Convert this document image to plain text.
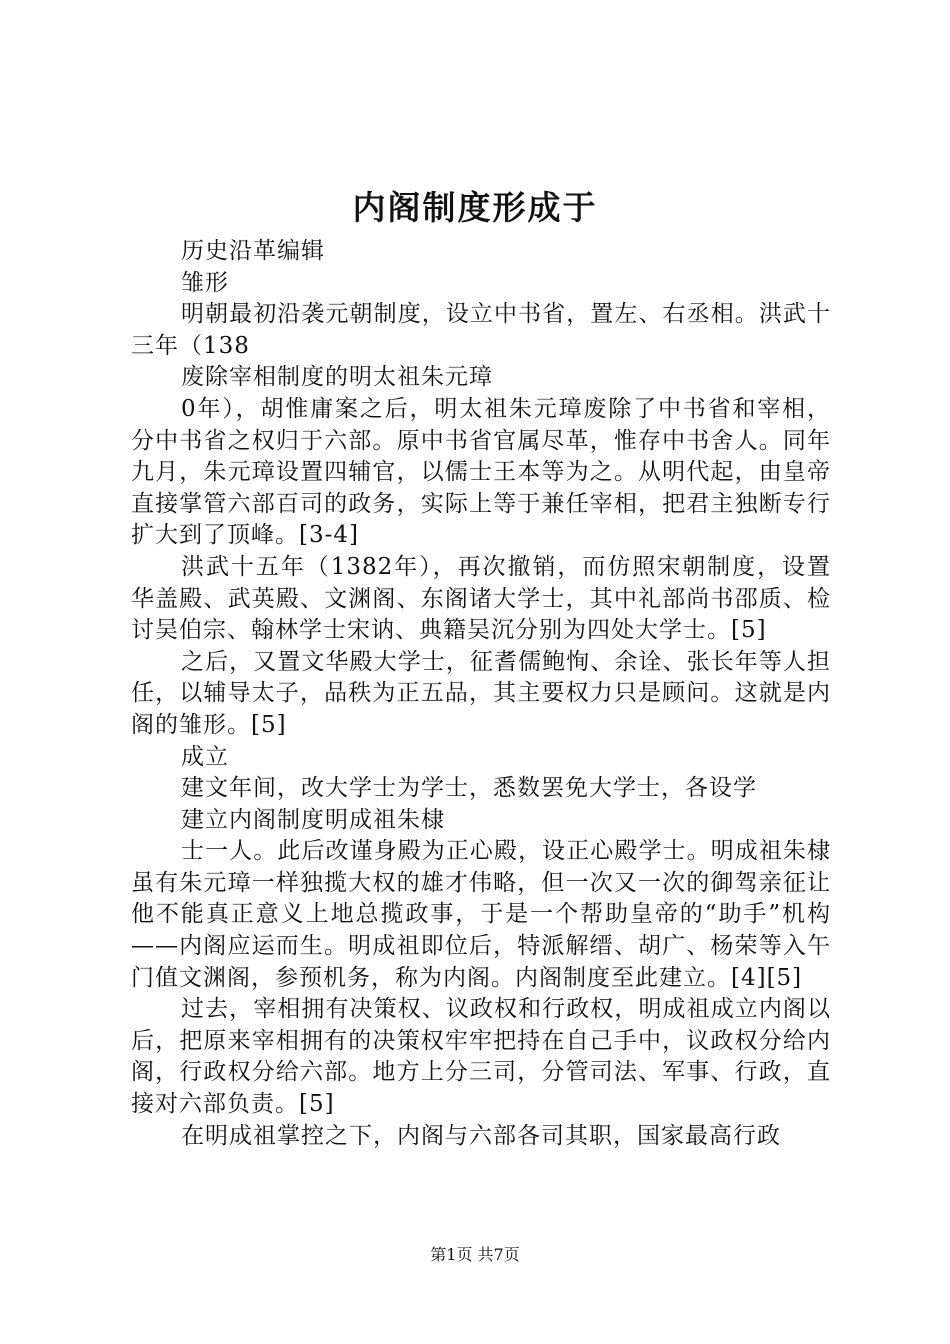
内阁制度形成于

历史沿革编辑

雏形

明朝最初沿袭元朝制度，设立中书省，置左、右丞相。洪武十三年（138

废除宰相制度的明太祖朱元璋

0年），胡惟庸案之后，明太祖朱元璋废除了中书省和宰相，分中书省之权归于六部。原中书省官属尽革，惟存中书舍人。同年九月，朱元璋设置四辅官，以儒士王本等为之。从明代起，由皇帝直接掌管六部百司的政务，实际上等于兼任宰相，把君主独断专行扩大到了顶峰。[3-4]

洪武十五年（1382年），再次撤销，而仿照宋朝制度，设置华盖殿、武英殿、文渊阁、东阁诸大学士，其中礼部尚书邵质、检讨吴伯宗、翰林学士宋讷、典籍吴沉分别为四处大学士。[5]

之后，又置文华殿大学士，征耆儒鲍恂、余诠、张长年等人担任，以辅导太子，品秩为正五品，其主要权力只是顾问。这就是内阁的雏形。[5]

成立

建文年间，改大学士为学士，悉数罢免大学士，各设学

建立内阁制度明成祖朱棣

士一人。此后改谨身殿为正心殿，设正心殿学士。明成祖朱棣虽有朱元璋一样独揽大权的雄才伟略，但一次又一次的御驾亲征让他不能真正意义上地总揽政事，于是一个帮助皇帝的“助手”机构——内阁应运而生。明成祖即位后，特派解缙、胡广、杨荣等入午门值文渊阁，参预机务，称为内阁。内阁制度至此建立。[4][5]

过去，宰相拥有决策权、议政权和行政权，明成祖成立内阁以后，把原来宰相拥有的决策权牢牢把持在自己手中，议政权分给内阁，行政权分给六部。地方上分三司，分管司法、军事、行政，直接对六部负责。[5]

在明成祖掌控之下，内阁与六部各司其职，国家最高行政

第1页 共7页
